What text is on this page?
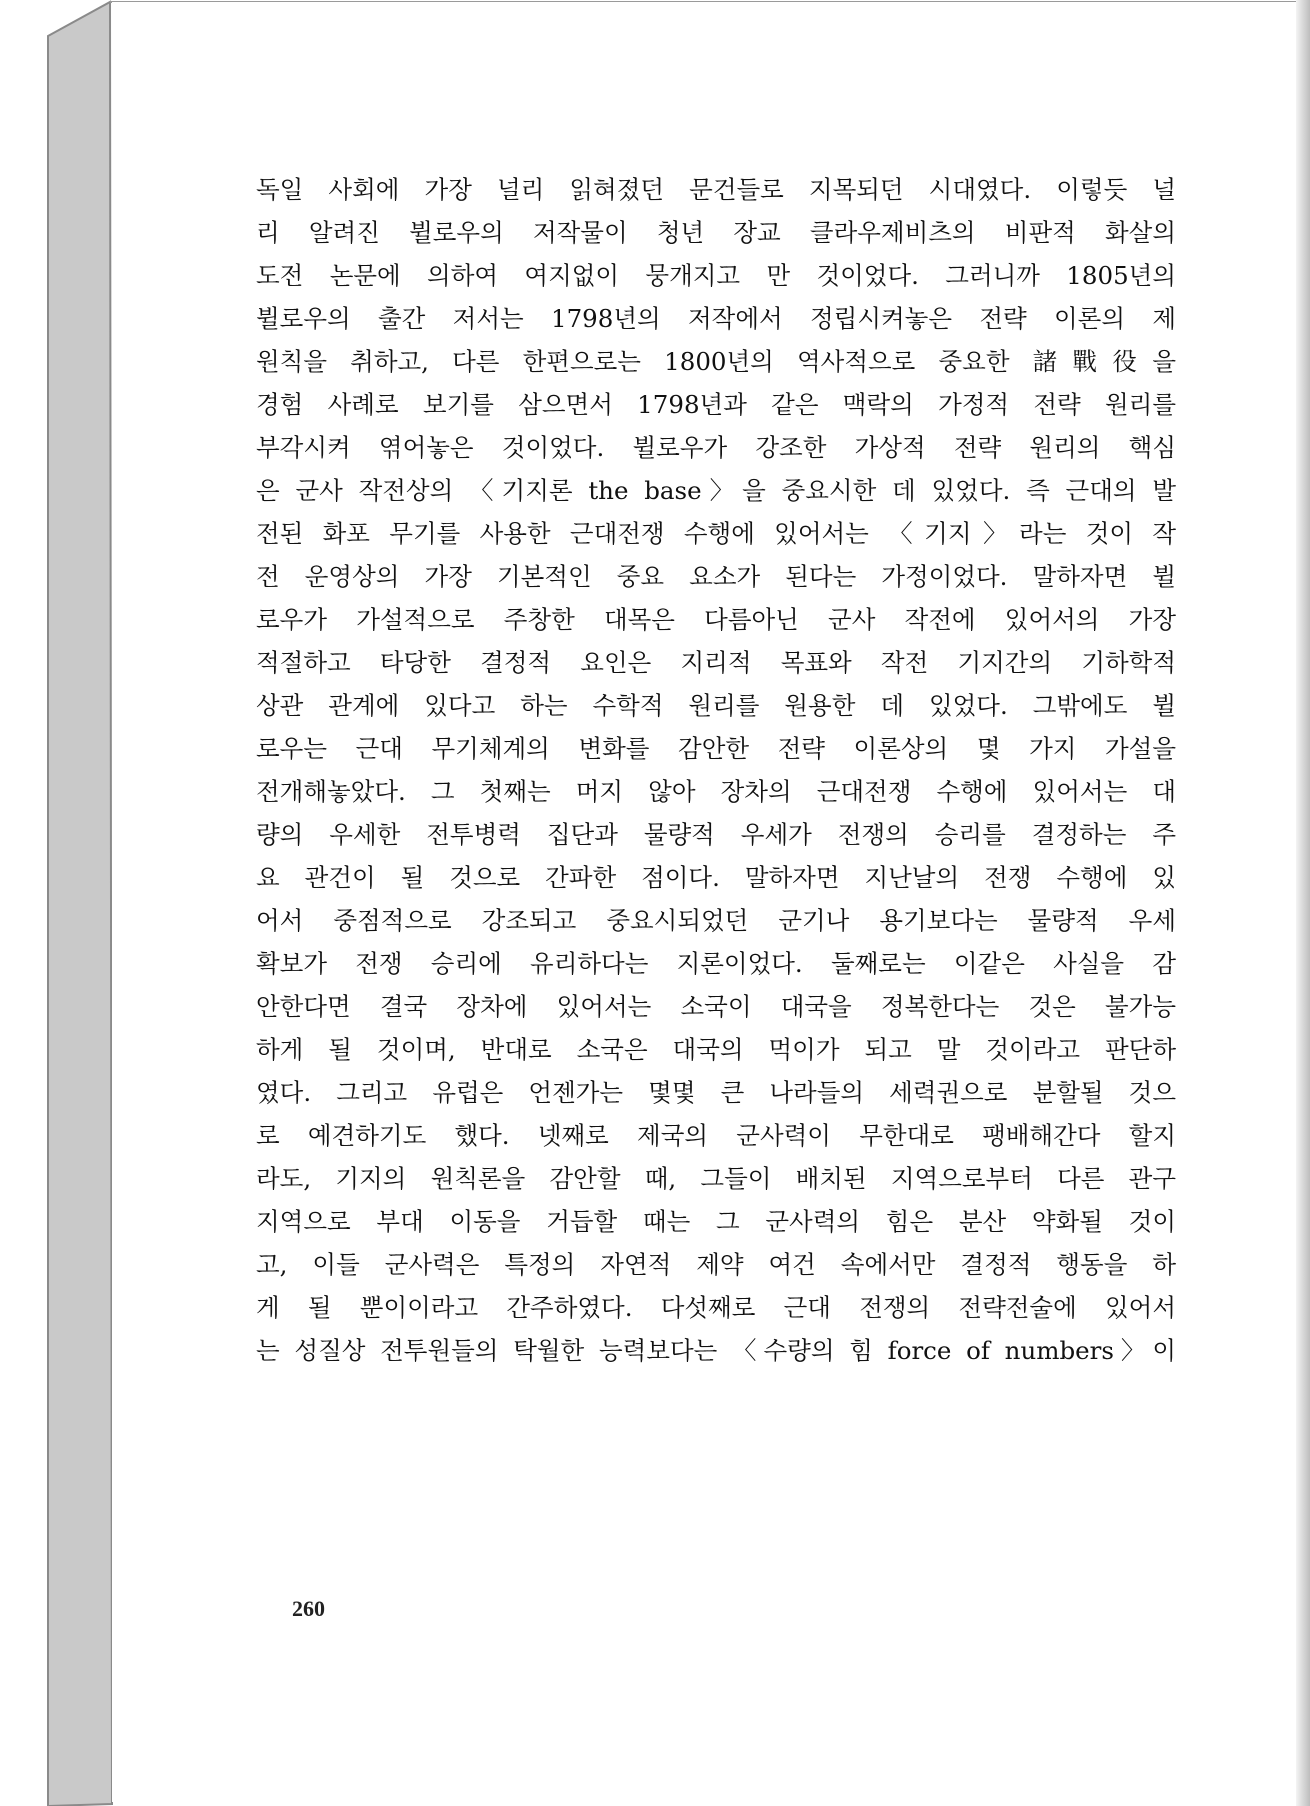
독일 사회에 가장 널리 읽혀졌던 문건들로 지목되던 시대였다. 이렇듯 널
리 알려진 뷜로우의 저작물이 청년 장교 클라우제비츠의 비판적 화살의
도전 논문에 의하여 여지없이 뭉개지고 만 것이었다. 그러니까 1805년의
뷜로우의 출간 저서는 1798년의 저작에서 정립시켜놓은 전략 이론의 제
원칙을 취하고, 다른 한편으로는 1800년의 역사적으로 중요한 諸戰役을
경험 사례로 보기를 삼으면서 1798년과 같은 맥락의 가정적 전략 원리를
부각시켜 엮어놓은 것이었다. 뷜로우가 강조한 가상적 전략 원리의 핵심
은 군사 작전상의 〈기지론 the base〉을 중요시한 데 있었다. 즉 근대의 발
전된 화포 무기를 사용한 근대전쟁 수행에 있어서는 〈기지〉라는 것이 작
전 운영상의 가장 기본적인 중요 요소가 된다는 가정이었다. 말하자면 뷜
로우가 가설적으로 주창한 대목은 다름아닌 군사 작전에 있어서의 가장
적절하고 타당한 결정적 요인은 지리적 목표와 작전 기지간의 기하학적
상관 관계에 있다고 하는 수학적 원리를 원용한 데 있었다. 그밖에도 뷜
로우는 근대 무기체계의 변화를 감안한 전략 이론상의 몇 가지 가설을
전개해놓았다. 그 첫째는 머지 않아 장차의 근대전쟁 수행에 있어서는 대
량의 우세한 전투병력 집단과 물량적 우세가 전쟁의 승리를 결정하는 주
요 관건이 될 것으로 간파한 점이다. 말하자면 지난날의 전쟁 수행에 있
어서 중점적으로 강조되고 중요시되었던 군기나 용기보다는 물량적 우세
확보가 전쟁 승리에 유리하다는 지론이었다. 둘째로는 이같은 사실을 감
안한다면 결국 장차에 있어서는 소국이 대국을 정복한다는 것은 불가능
하게 될 것이며, 반대로 소국은 대국의 먹이가 되고 말 것이라고 판단하
였다. 그리고 유럽은 언젠가는 몇몇 큰 나라들의 세력권으로 분할될 것으
로 예견하기도 했다. 넷째로 제국의 군사력이 무한대로 팽배해간다 할지
라도, 기지의 원칙론을 감안할 때, 그들이 배치된 지역으로부터 다른 관구
지역으로 부대 이동을 거듭할 때는 그 군사력의 힘은 분산 약화될 것이
고, 이들 군사력은 특정의 자연적 제약 여건 속에서만 결정적 행동을 하
게 될 뿐이이라고 간주하였다. 다섯째로 근대 전쟁의 전략전술에 있어서
는 성질상 전투원들의 탁월한 능력보다는 〈수량의 힘 force of numbers〉이
260
